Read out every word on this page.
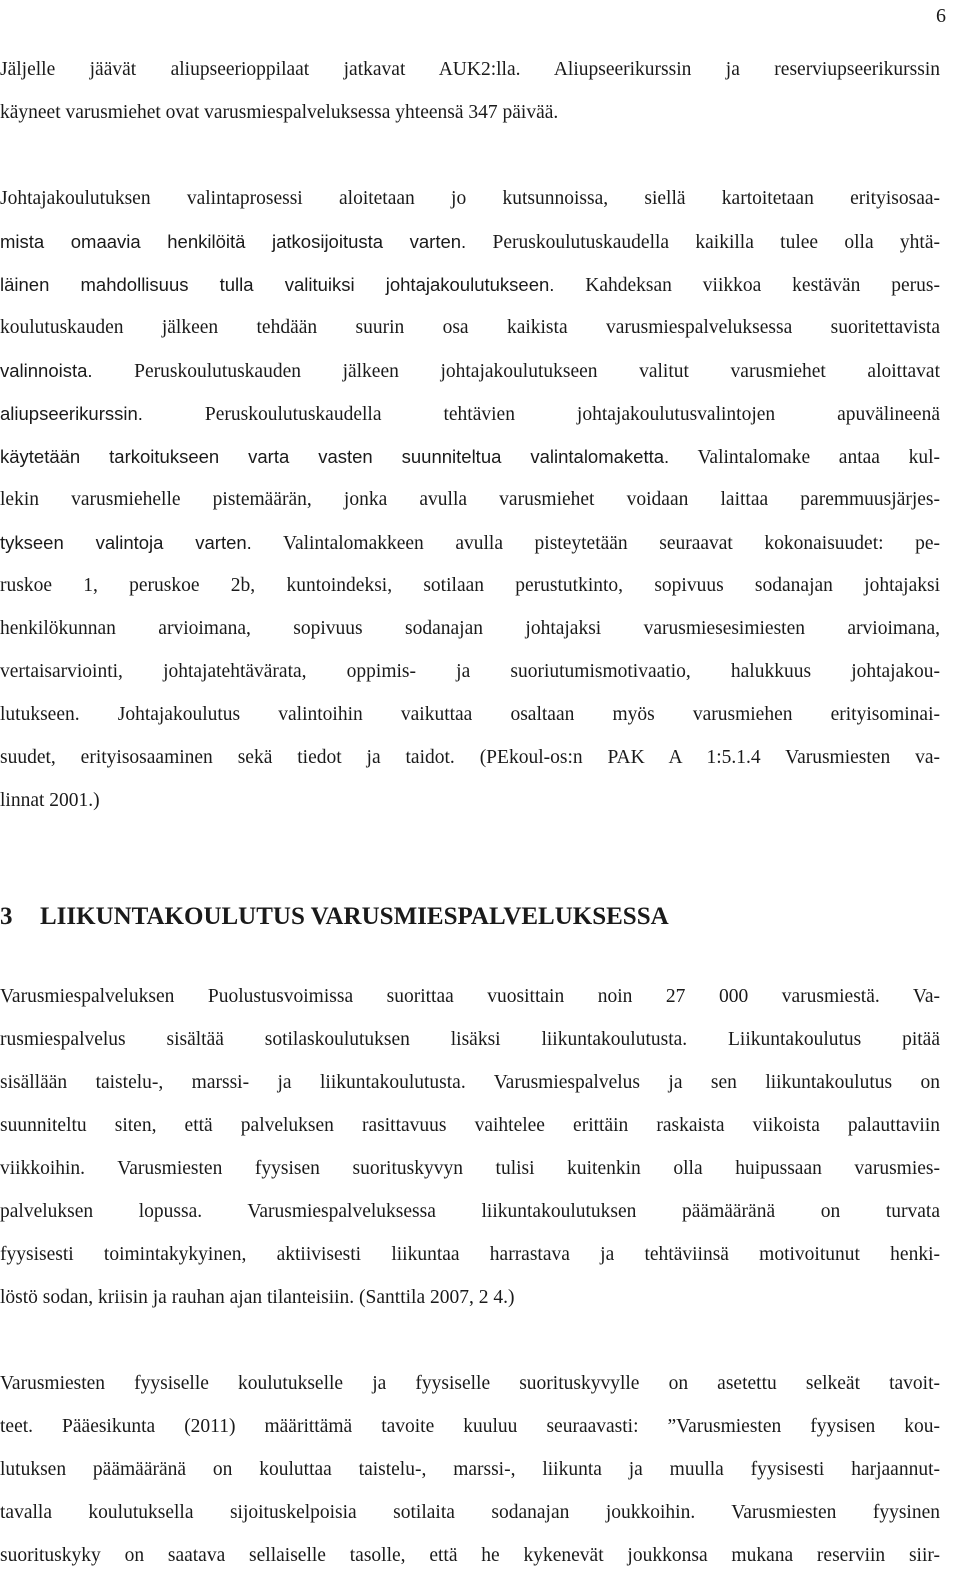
6
Jäljelle jäävät aliupseerioppilaat jatkavat AUK2:lla. Aliupseerikurssin ja reserviupseerikurssin
käyneet varusmiehet ovat varusmiespalveluksessa yhteensä 347 päivää.
Johtajakoulutuksen valintaprosessi aloitetaan jo kutsunnoissa, siellä kartoitetaan erityisosaa-
mista omaavia henkilöitä jatkosijoitusta varten. Peruskoulutuskaudella kaikilla tulee olla yhtä-
läinen mahdollisuus tulla valituiksi johtajakoulutukseen. Kahdeksan viikkoa kestävän perus-
koulutuskauden jälkeen tehdään suurin osa kaikista varusmiespalveluksessa suoritettavista
valinnoista. Peruskoulutuskauden jälkeen johtajakoulutukseen valitut varusmiehet aloittavat
aliupseerikurssin. Peruskoulutuskaudella tehtävien johtajakoulutusvalintojen apuvälineenä
käytetään tarkoitukseen varta vasten suunniteltua valintalomaketta. Valintalomake antaa kul-
lekin varusmiehelle pistemäärän, jonka avulla varusmiehet voidaan laittaa paremmuusjärjes-
tykseen valintoja varten. Valintalomakkeen avulla pisteytetään seuraavat kokonaisuudet: pe-
ruskoe 1, peruskoe 2b, kuntoindeksi, sotilaan perustutkinto, sopivuus sodanajan johtajaksi
henkilökunnan arvioimana, sopivuus sodanajan johtajaksi varusmiesesimiesten arvioimana,
vertaisarviointi, johtajatehtävärata, oppimis- ja suoriutumismotivaatio, halukkuus johtajakou-
lutukseen. Johtajakoulutus valintoihin vaikuttaa osaltaan myös varusmiehen erityisominai-
suudet, erityisosaaminen sekä tiedot ja taidot. (PEkoul-os:n PAK A 1:5.1.4 Varusmiesten va-
linnat 2001.)
3 LIIKUNTAKOULUTUS VARUSMIESPALVELUKSESSA
Varusmiespalveluksen Puolustusvoimissa suorittaa vuosittain noin 27 000 varusmiestä. Va-
rusmiespalvelus sisältää sotilaskoulutuksen lisäksi liikuntakoulutusta. Liikuntakoulutus pitää
sisällään taistelu-, marssi- ja liikuntakoulutusta. Varusmiespalvelus ja sen liikuntakoulutus on
suunniteltu siten, että palveluksen rasittavuus vaihtelee erittäin raskaista viikoista palauttaviin
viikkoihin. Varusmiesten fyysisen suorituskyvyn tulisi kuitenkin olla huipussaan varusmies-
palveluksen lopussa. Varusmiespalveluksessa liikuntakoulutuksen päämääränä on turvata
fyysisesti toimintakykyinen, aktiivisesti liikuntaa harrastava ja tehtäviinsä motivoitunut henki-
löstö sodan, kriisin ja rauhan ajan tilanteisiin. (Santtila 2007, 2 4.)
Varusmiesten fyysiselle koulutukselle ja fyysiselle suorituskyvylle on asetettu selkeät tavoit-
teet. Pääesikunta (2011) määrittämä tavoite kuuluu seuraavasti: ”Varusmiesten fyysisen kou-
lutuksen päämääränä on kouluttaa taistelu-, marssi-, liikunta ja muulla fyysisesti harjaannut-
tavalla koulutuksella sijoituskelpoisia sotilaita sodanajan joukkoihin. Varusmiesten fyysinen
suorituskyky on saatava sellaiselle tasolle, että he kykenevät joukkonsa mukana reserviin siir-
